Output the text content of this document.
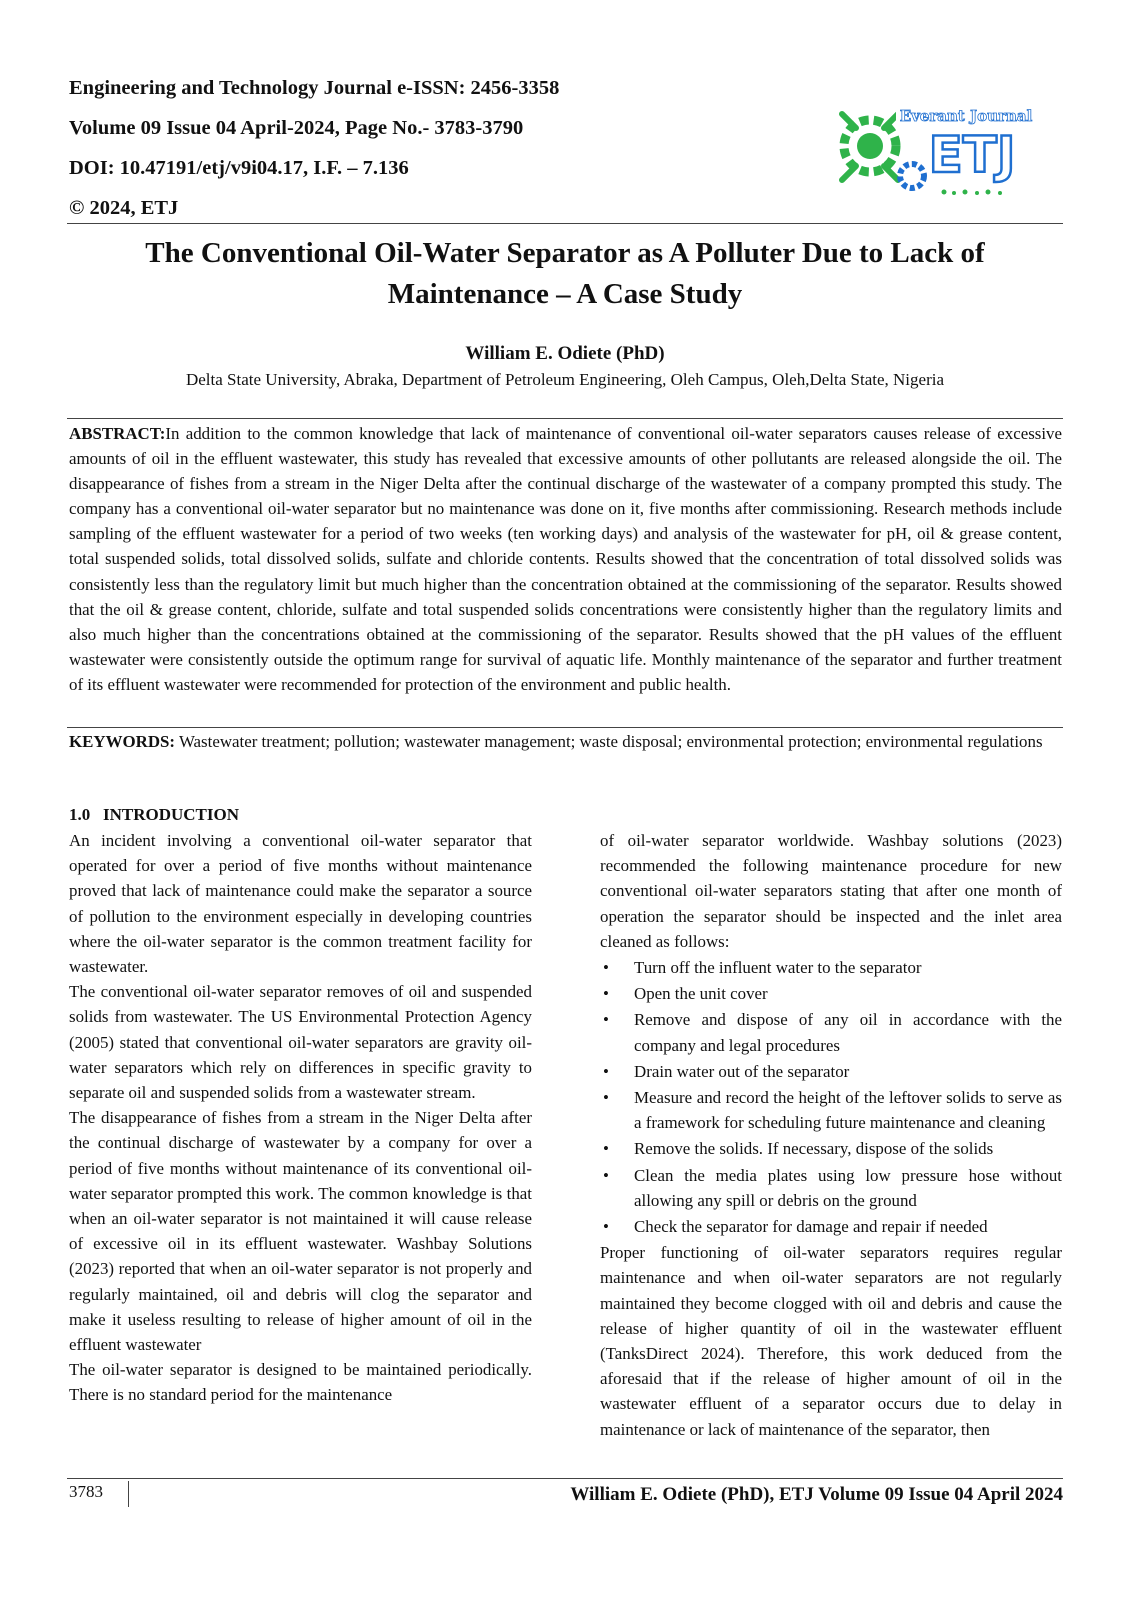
Engineering and Technology Journal e-ISSN: 2456-3358
Volume 09 Issue 04 April-2024, Page No.- 3783-3790
DOI: 10.47191/etj/v9i04.17, I.F. – 7.136
© 2024, ETJ
Everant Journal
ETJ
The Conventional Oil-Water Separator as A Polluter Due to Lack of
Maintenance – A Case Study
William E. Odiete (PhD)
Delta State University, Abraka, Department of Petroleum Engineering, Oleh Campus, Oleh,Delta State, Nigeria
ABSTRACT:In addition to the common knowledge that lack of maintenance of conventional oil-water separators causes release of excessive amounts of oil in the effluent wastewater, this study has revealed that excessive amounts of other pollutants are released alongside the oil. The disappearance of fishes from a stream in the Niger Delta after the continual discharge of the wastewater of a company prompted this study. The company has a conventional oil-water separator but no maintenance was done on it, five months after commissioning. Research methods include sampling of the effluent wastewater for a period of two weeks (ten working days) and analysis of the wastewater for pH, oil & grease content, total suspended solids, total dissolved solids, sulfate and chloride contents. Results showed that the concentration of total dissolved solids was consistently less than the regulatory limit but much higher than the concentration obtained at the commissioning of the separator. Results showed that the oil & grease content, chloride, sulfate and total suspended solids concentrations were consistently higher than the regulatory limits and also much higher than the concentrations obtained at the commissioning of the separator. Results showed that the pH values of the effluent wastewater were consistently outside the optimum range for survival of aquatic life. Monthly maintenance of the separator and further treatment of its effluent wastewater were recommended for protection of the environment and public health.
KEYWORDS: Wastewater treatment; pollution; wastewater management; waste disposal; environmental protection; environmental regulations
1.0   INTRODUCTION

An incident involving a conventional oil-water separator that operated for over a period of five months without maintenance proved that lack of maintenance could make the separator a source of pollution to the environment especially in developing countries where the oil-water separator is the common treatment facility for wastewater.

The conventional oil-water separator removes of oil and suspended solids from wastewater. The US Environmental Protection Agency (2005) stated that conventional oil-water separators are gravity oil-water separators which rely on differences in specific gravity to separate oil and suspended solids from a wastewater stream.

The disappearance of fishes from a stream in the Niger Delta after the continual discharge of wastewater by a company for over a period of five months without maintenance of its conventional oil-water separator prompted this work. The common knowledge is that when an oil-water separator is not maintained it will cause release of excessive oil in its effluent wastewater. Washbay Solutions (2023) reported that when an oil-water separator is not properly and regularly maintained, oil and debris will clog the separator and make it useless resulting to release of higher amount of oil in the effluent wastewater

The oil-water separator is designed to be maintained periodically. There is no standard period for the maintenance

of oil-water separator worldwide. Washbay solutions (2023) recommended the following maintenance procedure for new conventional oil-water separators stating that after one month of operation the separator should be inspected and the inlet area cleaned as follows:

• Turn off the influent water to the separator
• Open the unit cover
• Remove and dispose of any oil in accordance with the company and legal procedures
• Drain water out of the separator
• Measure and record the height of the leftover solids to serve as a framework for scheduling future maintenance and cleaning
• Remove the solids. If necessary, dispose of the solids
• Clean the media plates using low pressure hose without allowing any spill or debris on the ground
• Check the separator for damage and repair if needed

Proper functioning of oil-water separators requires regular maintenance and when oil-water separators are not regularly maintained they become clogged with oil and debris and cause the release of higher quantity of oil in the wastewater effluent (TanksDirect 2024). Therefore, this work deduced from the aforesaid that if the release of higher amount of oil in the wastewater effluent of a separator occurs due to delay in maintenance or lack of maintenance of the separator, then

3783	William E. Odiete (PhD), ETJ Volume 09 Issue 04 April 2024
